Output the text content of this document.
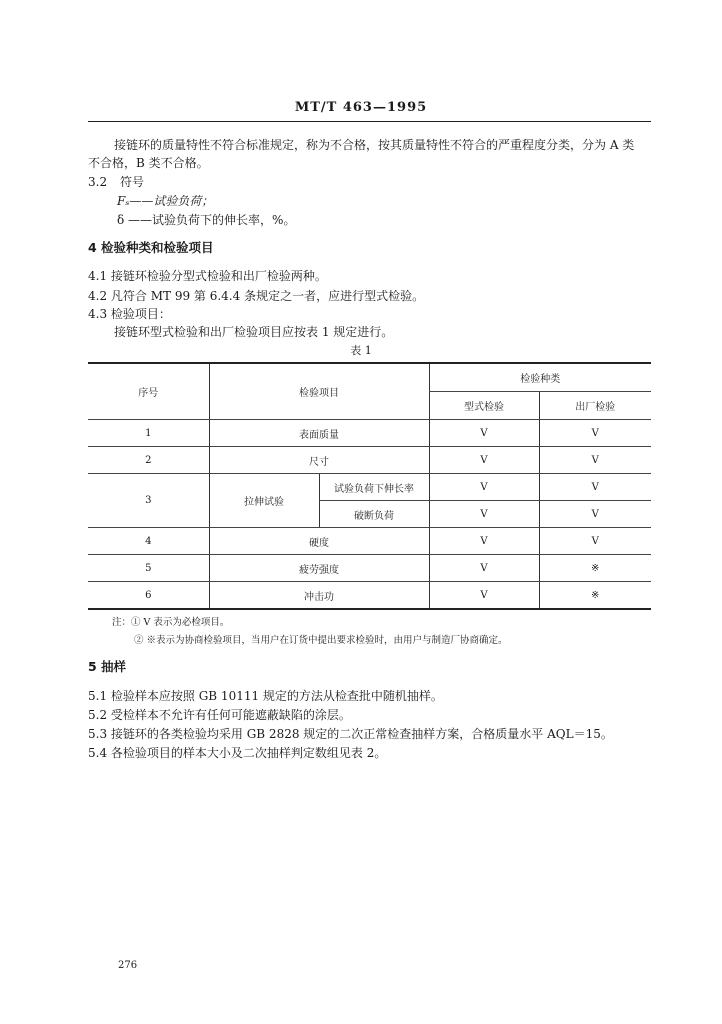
MT/T 463—1995
接链环的质量特性不符合标准规定，称为不合格，按其质量特性不符合的严重程度分类，分为 A 类
不合格，B 类不合格。
3.2 符号
Fₛ——试验负荷；
δ ——试验负荷下的伸长率，%。
4 检验种类和检验项目
4.1 接链环检验分型式检验和出厂检验两种。
4.2 凡符合 MT 99 第 6.4.4 条规定之一者，应进行型式检验。
4.3 检验项目：
接链环型式检验和出厂检验项目应按表 1 规定进行。
表 1
序号	检验项目		检验种类	
			型式检验	出厂检验
1	表面质量		V	V
2	尺寸		V	V
3	拉伸试验	试验负荷下伸长率	V	V
		破断负荷	V	V
4	硬度		V	V
5	疲劳强度		V	※
6	冲击功		V	※
注：① V 表示为必检项目。
② ※表示为协商检验项目，当用户在订货中提出要求检验时，由用户与制造厂协商确定。
5 抽样
5.1 检验样本应按照 GB 10111 规定的方法从检查批中随机抽样。
5.2 受检样本不允许有任何可能遮蔽缺陷的涂层。
5.3 接链环的各类检验均采用 GB 2828 规定的二次正常检查抽样方案，合格质量水平 AQL＝15。
5.4 各检验项目的样本大小及二次抽样判定数组见表 2。
276
